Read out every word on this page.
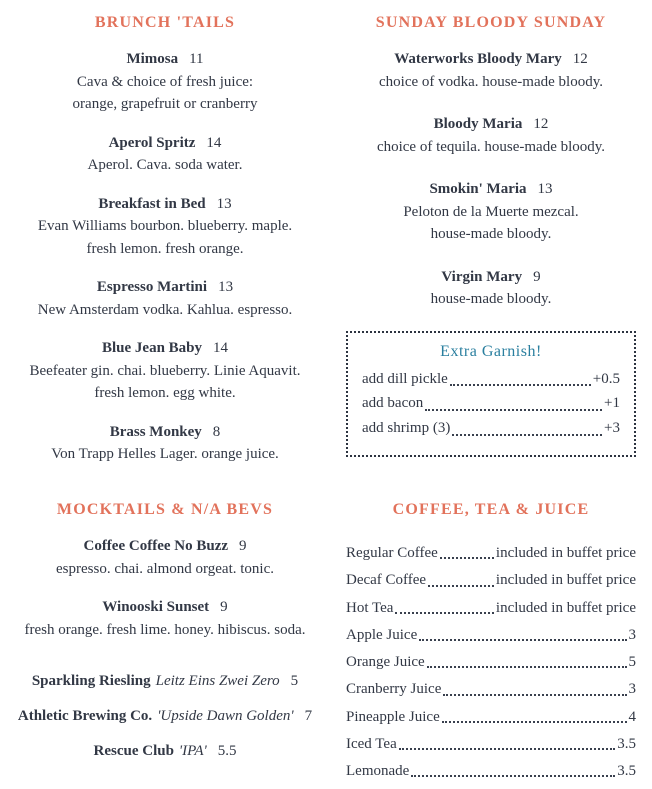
BRUNCH 'TAILS
Mimosa 11
Cava & choice of fresh juice:
orange, grapefruit or cranberry
Aperol Spritz 14
Aperol. Cava. soda water.
Breakfast in Bed 13
Evan Williams bourbon. blueberry. maple.
fresh lemon. fresh orange.
Espresso Martini 13
New Amsterdam vodka. Kahlua. espresso.
Blue Jean Baby 14
Beefeater gin. chai. blueberry. Linie Aquavit.
fresh lemon. egg white.
Brass Monkey 8
Von Trapp Helles Lager. orange juice.
MOCKTAILS & N/A BEVS
Coffee Coffee No Buzz 9
espresso. chai. almond orgeat. tonic.
Winooski Sunset 9
fresh orange. fresh lime. honey. hibiscus. soda.
Sparkling Riesling Leitz Eins Zwei Zero 5
Athletic Brewing Co. 'Upside Dawn Golden' 7
Rescue Club 'IPA' 5.5
SUNDAY BLOODY SUNDAY
Waterworks Bloody Mary 12
choice of vodka. house-made bloody.
Bloody Maria 12
choice of tequila. house-made bloody.
Smokin' Maria 13
Peloton de la Muerte mezcal.
house-made bloody.
Virgin Mary 9
house-made bloody.
Extra Garnish!
add dill pickle	+0.5
add bacon	+1
add shrimp (3)	+3
COFFEE, TEA & JUICE
Regular Coffee	included in buffet price
Decaf Coffee	included in buffet price
Hot Tea	included in buffet price
Apple Juice	3
Orange Juice	5
Cranberry Juice	3
Pineapple Juice	4
Iced Tea	3.5
Lemonade	3.5
